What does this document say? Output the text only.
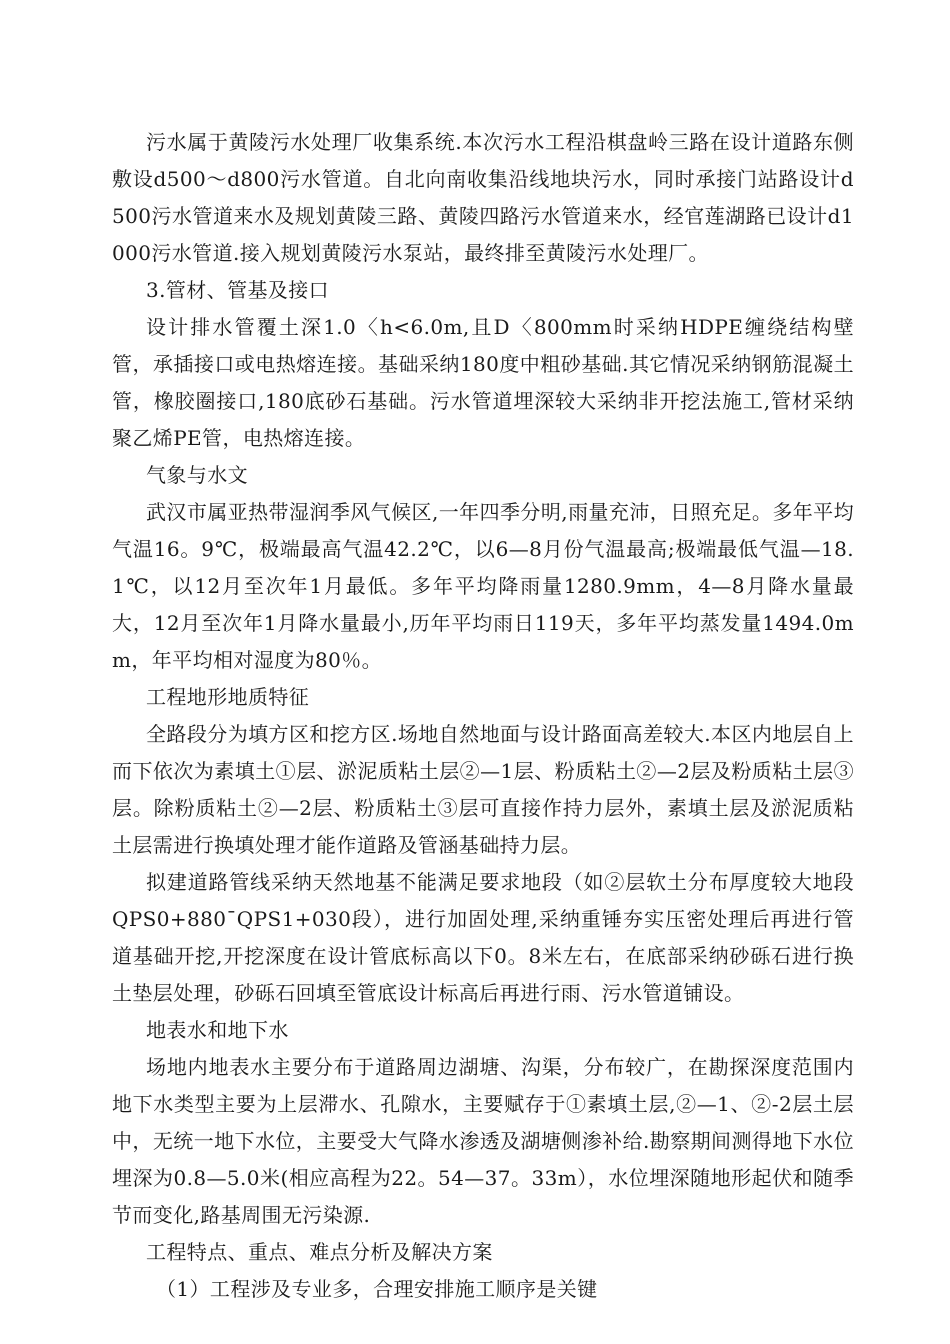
污水属于黄陵污水处理厂收集系统.本次污水工程沿棋盘岭三路在设计道路东侧敷设d500～d800污水管道。自北向南收集沿线地块污水，同时承接门站路设计d500污水管道来水及规划黄陵三路、黄陵四路污水管道来水，经官莲湖路已设计d1000污水管道.接入规划黄陵污水泵站，最终排至黄陵污水处理厂。

3.管材、管基及接口

设计排水管覆土深1.0〈h<6.0m,且D〈800mm时采纳HDPE缠绕结构壁管，承插接口或电热熔连接。基础采纳180度中粗砂基础.其它情况采纳钢筋混凝土管，橡胶圈接口,180底砂石基础。污水管道埋深较大采纳非开挖法施工,管材采纳聚乙烯PE管，电热熔连接。

气象与水文

武汉市属亚热带湿润季风气候区,一年四季分明,雨量充沛，日照充足。多年平均气温16。9℃，极端最高气温42.2℃，以6—8月份气温最高;极端最低气温—18.1℃，以12月至次年1月最低。多年平均降雨量1280.9mm，4—8月降水量最大，12月至次年1月降水量最小,历年平均雨日119天，多年平均蒸发量1494.0mm，年平均相对湿度为80％。

工程地形地质特征

全路段分为填方区和挖方区.场地自然地面与设计路面高差较大.本区内地层自上而下依次为素填土①层、淤泥质粘土层②—1层、粉质粘土②—2层及粉质粘土层③层。除粉质粘土②—2层、粉质粘土③层可直接作持力层外，素填土层及淤泥质粘土层需进行换填处理才能作道路及管涵基础持力层。

拟建道路管线采纳天然地基不能满足要求地段（如②层软土分布厚度较大地段QPS0+880¯QPS1+030段），进行加固处理,采纳重锤夯实压密处理后再进行管道基础开挖,开挖深度在设计管底标高以下0。8米左右，在底部采纳砂砾石进行换土垫层处理，砂砾石回填至管底设计标高后再进行雨、污水管道铺设。

地表水和地下水

场地内地表水主要分布于道路周边湖塘、沟渠，分布较广，在勘探深度范围内地下水类型主要为上层滞水、孔隙水，主要赋存于①素填土层,②—1、②-2层土层中，无统一地下水位，主要受大气降水渗透及湖塘侧渗补给.勘察期间测得地下水位埋深为0.8—5.0米(相应高程为22。54—37。33m），水位埋深随地形起伏和随季节而变化,路基周围无污染源.

工程特点、重点、难点分析及解决方案

（1）工程涉及专业多，合理安排施工顺序是关键
